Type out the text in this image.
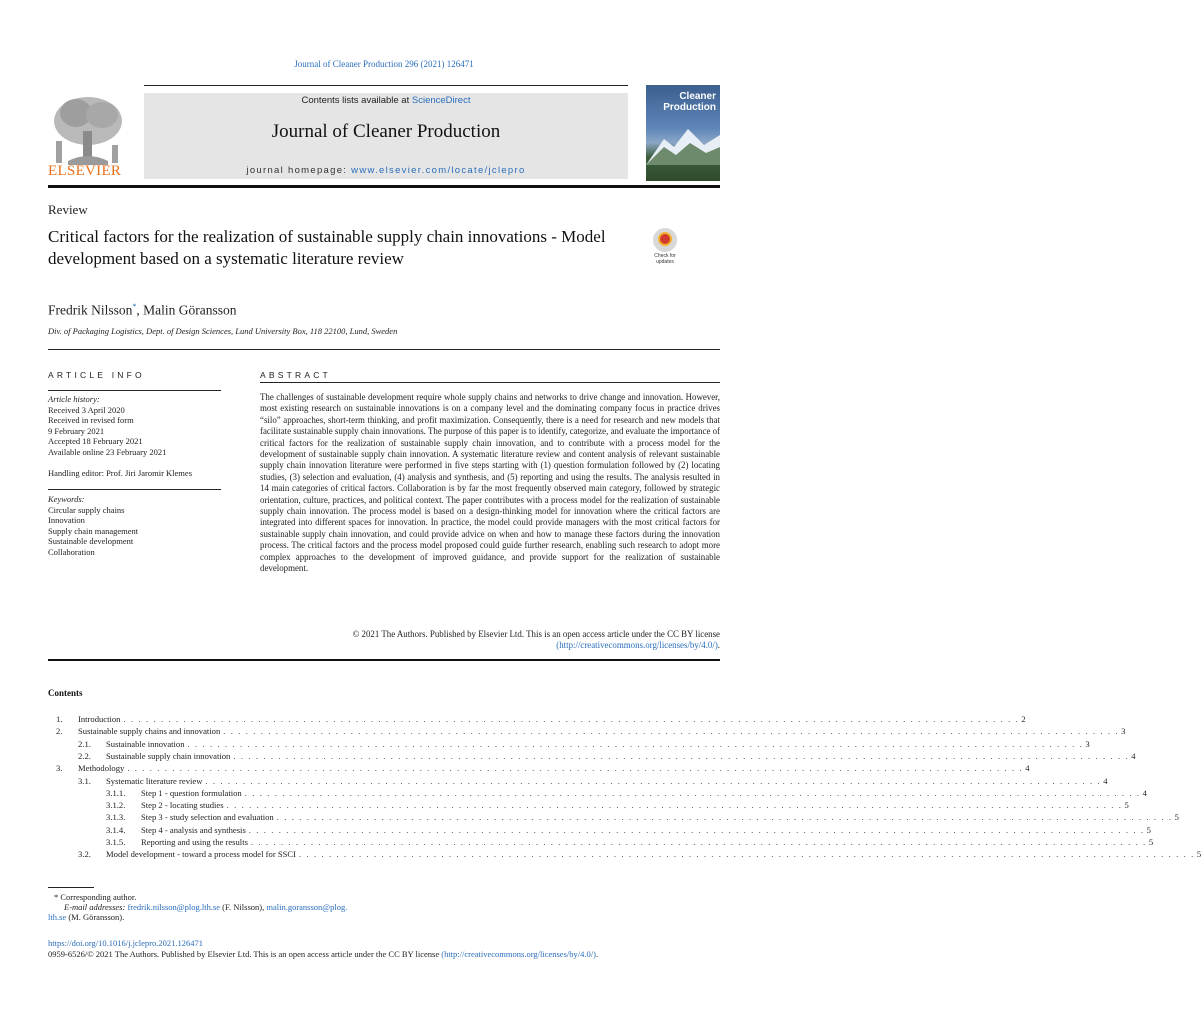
Journal of Cleaner Production 296 (2021) 126471
ELSEVIER
Contents lists available at ScienceDirect
Journal of Cleaner Production
journal homepage: www.elsevier.com/locate/jclepro
Cleaner
Production
Review
Critical factors for the realization of sustainable supply chain innovations - Model development based on a systematic literature review	Check for
updates
Fredrik Nilsson*, Malin Göransson
Div. of Packaging Logistics, Dept. of Design Sciences, Lund University Box, 118 22100, Lund, Sweden
ARTICLE INFO	ABSTRACT
Article history:
Received 3 April 2020
Received in revised form
9 February 2021
Accepted 18 February 2021
Available online 23 February 2021
Handling editor: Prof. Jiri Jaromir Klemes
Keywords:
Circular supply chains
Innovation
Supply chain management
Sustainable development
Collaboration
The challenges of sustainable development require whole supply chains and networks to drive change and innovation. However, most existing research on sustainable innovations is on a company level and the dominating company focus in practice drives “silo” approaches, short-term thinking, and profit maximization. Consequently, there is a need for research and new models that facilitate sustainable supply chain innovations. The purpose of this paper is to identify, categorize, and evaluate the importance of critical factors for the realization of sustainable supply chain innovation, and to contribute with a process model for the development of sustainable supply chain innovation. A systematic literature review and content analysis of relevant sustainable supply chain innovation literature were performed in five steps starting with (1) question formulation followed by (2) locating studies, (3) selection and evaluation, (4) analysis and synthesis, and (5) reporting and using the results. The analysis resulted in 14 main categories of critical factors. Collaboration is by far the most frequently observed main category, followed by strategic orientation, culture, practices, and political context. The paper contributes with a process model for the realization of sustainable supply chain innovation. The process model is based on a design-thinking model for innovation where the critical factors are integrated into different spaces for innovation. In practice, the model could provide managers with the most critical factors for sustainable supply chain innovation, and could provide advice on when and how to manage these factors during the innovation process. The critical factors and the process model proposed could guide further research, enabling such research to adopt more complex approaches to the development of improved guidance, and provide support for the realization of sustainable development.
© 2021 The Authors. Published by Elsevier Ltd. This is an open access article under the CC BY license
(http://creativecommons.org/licenses/by/4.0/).
Contents
1. Introduction . . . . . . . . . . . . . . . . . . . . . . . . . . . . . . . . . . . . . . . . . . . . . . . . . . . . . . . . . . . . . . . . . . . . . . . . . . . . . . . . . . . . . . . . . . . . . . . . . . . . . . . . . . . . . . . . . . . . . . . . 2
2. Sustainable supply chains and innovation . . . . . . . . . . . . . . . . . . . . . . . . . . . . . . . . . . . . . . . . . . . . . . . . . . . . . . . . . . . . . . . . . . . . . . . . . . . . . . . . . . . . . . . . . . . . . . . . . . . . . . . . . . . . . . . . . . . . . . . . 3
2.1. Sustainable innovation . . . . . . . . . . . . . . . . . . . . . . . . . . . . . . . . . . . . . . . . . . . . . . . . . . . . . . . . . . . . . . . . . . . . . . . . . . . . . . . . . . . . . . . . . . . . . . . . . . . . . . . . . . . . . . . . . . . . . . . . 3
2.2. Sustainable supply chain innovation . . . . . . . . . . . . . . . . . . . . . . . . . . . . . . . . . . . . . . . . . . . . . . . . . . . . . . . . . . . . . . . . . . . . . . . . . . . . . . . . . . . . . . . . . . . . . . . . . . . . . . . . . . . . . . . . . . . . . . . . 4
3. Methodology . . . . . . . . . . . . . . . . . . . . . . . . . . . . . . . . . . . . . . . . . . . . . . . . . . . . . . . . . . . . . . . . . . . . . . . . . . . . . . . . . . . . . . . . . . . . . . . . . . . . . . . . . . . . . . . . . . . . . . . . 4
3.1. Systematic literature review . . . . . . . . . . . . . . . . . . . . . . . . . . . . . . . . . . . . . . . . . . . . . . . . . . . . . . . . . . . . . . . . . . . . . . . . . . . . . . . . . . . . . . . . . . . . . . . . . . . . . . . . . . . . . . . . . . . . . . . . 4
3.1.1. Step 1 - question formulation . . . . . . . . . . . . . . . . . . . . . . . . . . . . . . . . . . . . . . . . . . . . . . . . . . . . . . . . . . . . . . . . . . . . . . . . . . . . . . . . . . . . . . . . . . . . . . . . . . . . . . . . . . . . . . . . . . . . . . . . 4
3.1.2. Step 2 - locating studies . . . . . . . . . . . . . . . . . . . . . . . . . . . . . . . . . . . . . . . . . . . . . . . . . . . . . . . . . . . . . . . . . . . . . . . . . . . . . . . . . . . . . . . . . . . . . . . . . . . . . . . . . . . . . . . . . . . . . . . . 5
3.1.3. Step 3 - study selection and evaluation . . . . . . . . . . . . . . . . . . . . . . . . . . . . . . . . . . . . . . . . . . . . . . . . . . . . . . . . . . . . . . . . . . . . . . . . . . . . . . . . . . . . . . . . . . . . . . . . . . . . . . . . . . . . . . . . . . . . . . . . 5
3.1.4. Step 4 - analysis and synthesis . . . . . . . . . . . . . . . . . . . . . . . . . . . . . . . . . . . . . . . . . . . . . . . . . . . . . . . . . . . . . . . . . . . . . . . . . . . . . . . . . . . . . . . . . . . . . . . . . . . . . . . . . . . . . . . . . . . . . . . . 5
3.1.5. Reporting and using the results . . . . . . . . . . . . . . . . . . . . . . . . . . . . . . . . . . . . . . . . . . . . . . . . . . . . . . . . . . . . . . . . . . . . . . . . . . . . . . . . . . . . . . . . . . . . . . . . . . . . . . . . . . . . . . . . . . . . . . . . 5
3.2. Model development - toward a process model for SSCI . . . . . . . . . . . . . . . . . . . . . . . . . . . . . . . . . . . . . . . . . . . . . . . . . . . . . . . . . . . . . . . . . . . . . . . . . . . . . . . . . . . . . . . . . . . . . . . . . . . . . . . . . . . . . . . . . . . . . . . . 5
* Corresponding author.
E-mail addresses: fredrik.nilsson@plog.lth.se (F. Nilsson), malin.goransson@plog.
lth.se (M. Göransson).
https://doi.org/10.1016/j.jclepro.2021.126471
0959-6526/© 2021 The Authors. Published by Elsevier Ltd. This is an open access article under the CC BY license (http://creativecommons.org/licenses/by/4.0/).
